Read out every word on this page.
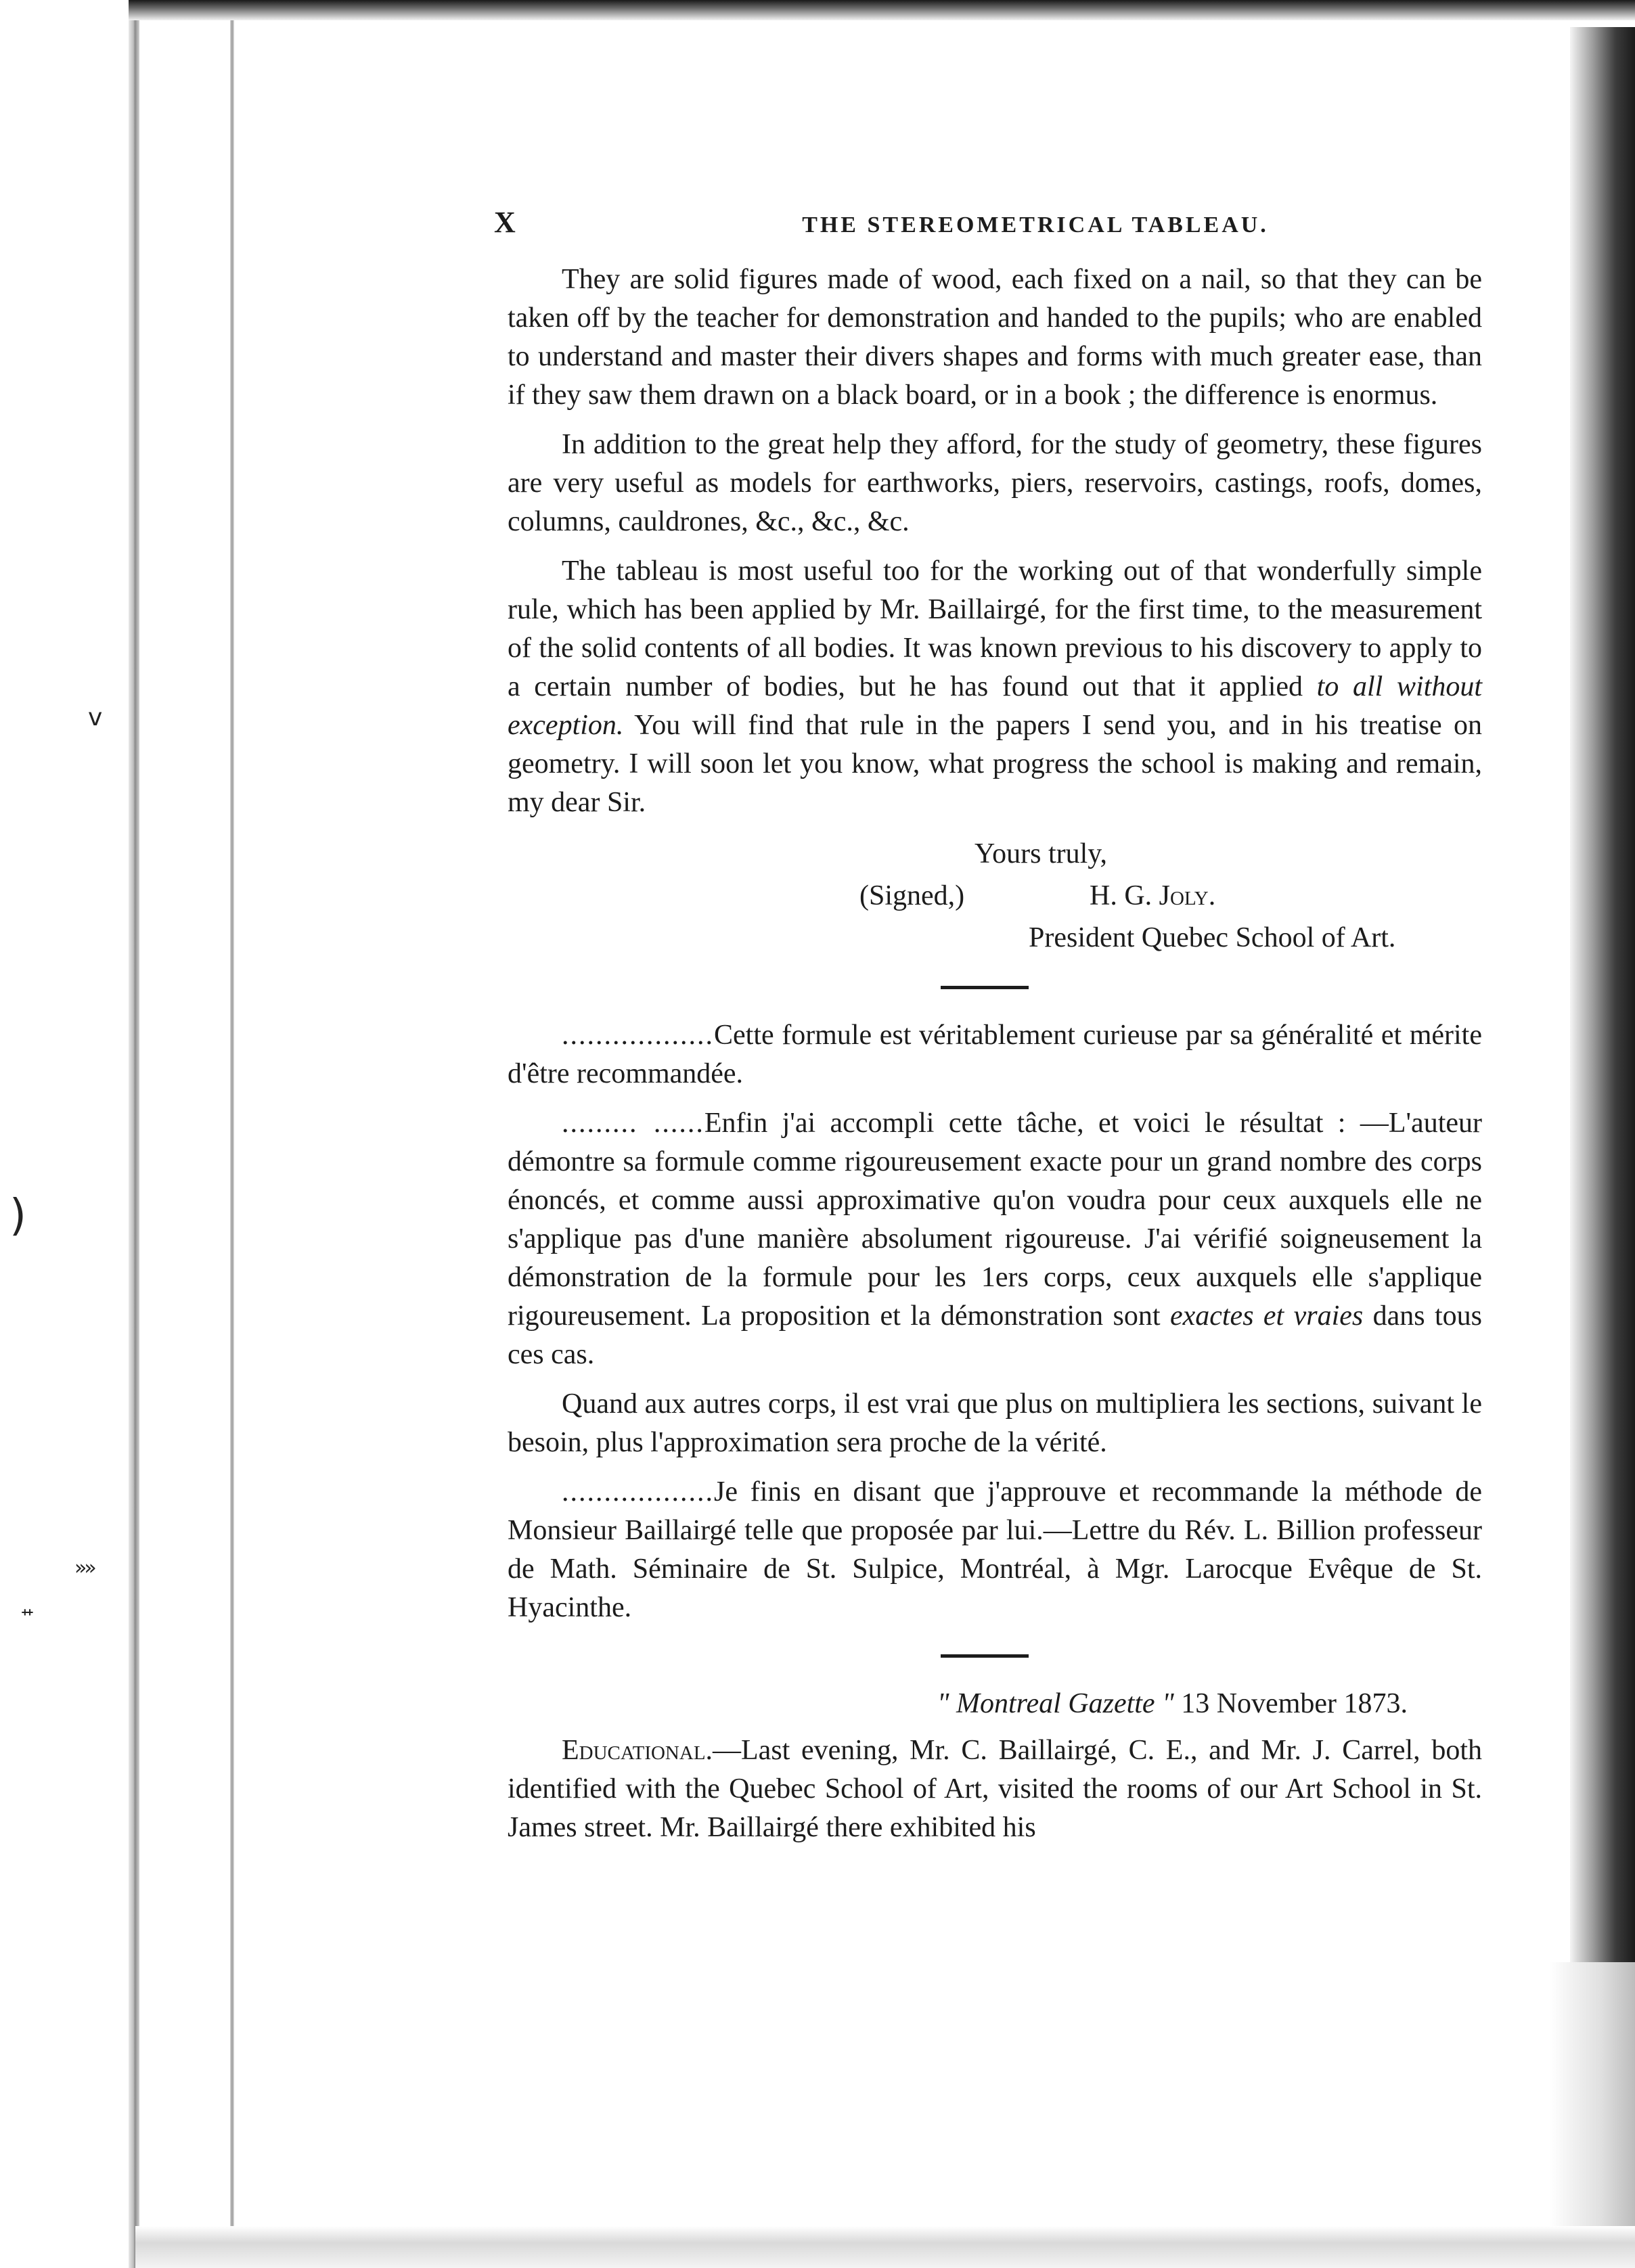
)
v
ᐩᐩ
»»
X	THE STEREOMETRICAL TABLEAU.

They are solid figures made of wood, each fixed on a nail, so that they can be taken off by the teacher for demonstration and handed to the pupils; who are enabled to understand and master their divers shapes and forms with much greater ease, than if they saw them drawn on a black board, or in a book ; the difference is enormus.

In addition to the great help they afford, for the study of geometry, these figures are very useful as models for earthworks, piers, reservoirs, castings, roofs, domes, columns, cauldrones, &c., &c., &c.

The tableau is most useful too for the working out of that wonderfully simple rule, which has been applied by Mr. Baillairgé, for the first time, to the measurement of the solid contents of all bodies. It was known previous to his discovery to apply to a certain number of bodies, but he has found out that it applied to all without exception. You will find that rule in the papers I send you, and in his treatise on geometry. I will soon let you know, what progress the school is making and remain, my dear Sir.

Yours truly,
(Signed,)	H. G. Joly.
President Quebec School of Art.

..................Cette formule est véritablement curieuse par sa généralité et mérite d'être recommandée.

......... ......Enfin j'ai accompli cette tâche, et voici le résultat : —L'auteur démontre sa formule comme rigoureusement exacte pour un grand nombre des corps énoncés, et comme aussi approximative qu'on voudra pour ceux auxquels elle ne s'applique pas d'une manière absolument rigoureuse. J'ai vérifié soigneusement la démonstration de la formule pour les 1ers corps, ceux auxquels elle s'applique rigoureusement. La proposition et la démonstration sont exactes et vraies dans tous ces cas.

Quand aux autres corps, il est vrai que plus on multipliera les sections, suivant le besoin, plus l'approximation sera proche de la vérité.

..................Je finis en disant que j'approuve et recommande la méthode de Monsieur Baillairgé telle que proposée par lui.—Lettre du Rév. L. Billion professeur de Math. Séminaire de St. Sulpice, Montréal, à Mgr. Larocque Evêque de St. Hyacinthe.

" Montreal Gazette " 13 November 1873.

Educational.—Last evening, Mr. C. Baillairgé, C. E., and Mr. J. Carrel, both identified with the Quebec School of Art, visited the rooms of our Art School in St. James street. Mr. Baillairgé there exhibited his
